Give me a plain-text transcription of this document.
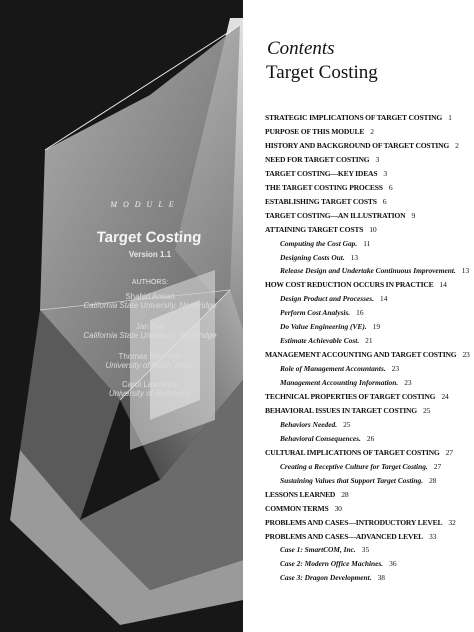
MODULE
Target Costing
Version 1.1
AUTHORS:
Shahid Ansari
California State University, Northridge
Jan Bell
California State University, Northridge
Thomas Klammer
University of North Texas
Carol Lawrence
University of Richmond
Contents
Target Costing
STRATEGIC IMPLICATIONS OF TARGET COSTING 1
PURPOSE OF THIS MODULE 2
HISTORY AND BACKGROUND OF TARGET COSTING 2
NEED FOR TARGET COSTING 3
TARGET COSTING—KEY IDEAS 3
THE TARGET COSTING PROCESS 6
ESTABLISHING TARGET COSTS 6
TARGET COSTING—AN ILLUSTRATION 9
ATTAINING TARGET COSTS 10
Computing the Cost Gap. 11
Designing Costs Out. 13
Release Design and Undertake Continuous Improvement. 13
HOW COST REDUCTION OCCURS IN PRACTICE 14
Design Product and Processes. 14
Perform Cost Analysis. 16
Do Value Engineering (VE). 19
Estimate Achievable Cost. 21
MANAGEMENT ACCOUNTING AND TARGET COSTING 23
Role of Management Accountants. 23
Management Accounting Information. 23
TECHNICAL PROPERTIES OF TARGET COSTING 24
BEHAVIORAL ISSUES IN TARGET COSTING 25
Behaviors Needed. 25
Behavioral Consequences. 26
CULTURAL IMPLICATIONS OF TARGET COSTING 27
Creating a Receptive Culture for Target Costing. 27
Sustaining Values that Support Target Costing. 28
LESSONS LEARNED 28
COMMON TERMS 30
PROBLEMS AND CASES—INTRODUCTORY LEVEL 32
PROBLEMS AND CASES—ADVANCED LEVEL 33
Case 1: SmartCOM, Inc. 35
Case 2: Modern Office Machines. 36
Case 3: Dragon Development. 38
